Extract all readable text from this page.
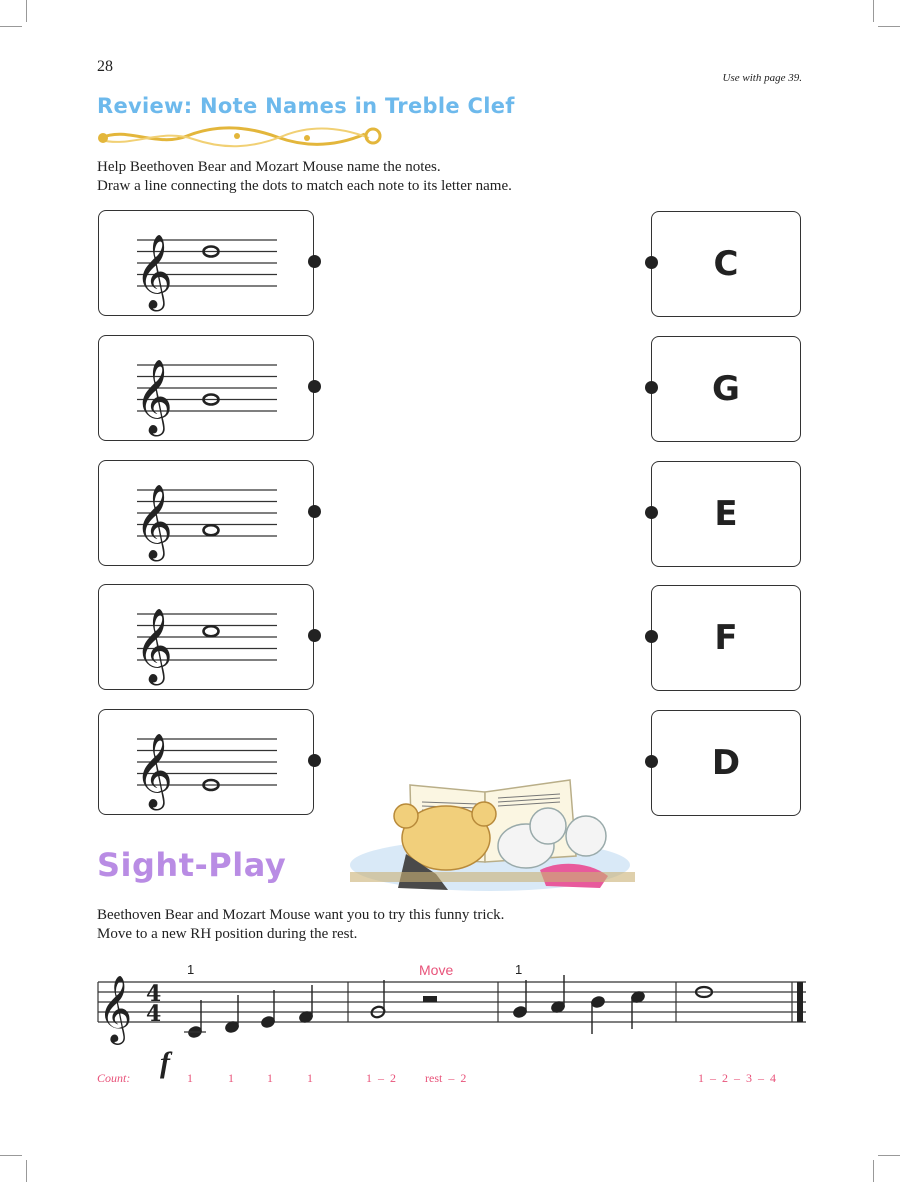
28
Use with page 39.
Review: Note Names in Treble Clef
Help Beethoven Bear and Mozart Mouse name the notes.
Draw a line connecting the dots to match each note to its letter name.
𝄞
𝄞
𝄞
𝄞
𝄞
C
G
E
F
D
Sight-Play
Beethoven Bear and Mozart Mouse want you to try this funny trick.
Move to a new RH position during the rest.
𝄞 4
4
1	1
Move
f
Count:	1	1	1	1	1  –  2 rest  –  2	1  –  2  –  3  –  4
